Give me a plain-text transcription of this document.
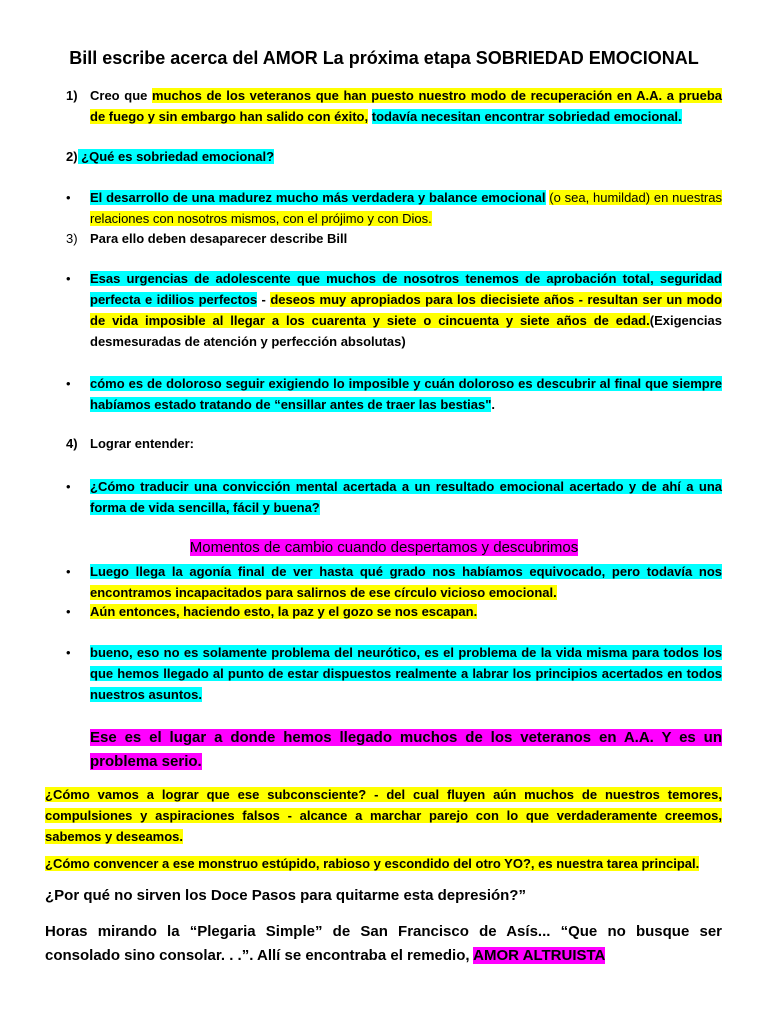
Bill escribe acerca del AMOR La próxima etapa SOBRIEDAD EMOCIONAL
1) Creo que muchos de los veteranos que han puesto nuestro modo de recuperación en A.A. a prueba de fuego y sin embargo han salido con éxito, todavía necesitan encontrar sobriedad emocional.
2) ¿Qué es sobriedad emocional?
• El desarrollo de una madurez mucho más verdadera y balance emocional (o sea, humildad) en nuestras relaciones con nosotros mismos, con el prójimo y con Dios.
3) Para ello deben desaparecer describe Bill
• Esas urgencias de adolescente que muchos de nosotros tenemos de aprobación total, seguridad perfecta e idilios perfectos - deseos muy apropiados para los diecisiete años - resultan ser un modo de vida imposible al llegar a los cuarenta y siete o cincuenta y siete años de edad.(Exigencias desmesuradas de atención y perfección absolutas)
• cómo es de doloroso seguir exigiendo lo imposible y cuán doloroso es descubrir al final que siempre habíamos estado tratando de “ensillar antes de traer las bestias".
4) Lograr entender:
• ¿Cómo traducir una convicción mental acertada a un resultado emocional acertado y de ahí a una forma de vida sencilla, fácil y buena?
Momentos de cambio cuando despertamos y descubrimos
• Luego llega la agonía final de ver hasta qué grado nos habíamos equivocado, pero todavía nos encontramos incapacitados para salirnos de ese círculo vicioso emocional.
• Aún entonces, haciendo esto, la paz y el gozo se nos escapan.
• bueno, eso no es solamente problema del neurótico, es el problema de la vida misma para todos los que hemos llegado al punto de estar dispuestos realmente a labrar los principios acertados en todos nuestros asuntos.
Ese es el lugar a donde hemos llegado muchos de los veteranos en A.A. Y es un problema serio.
¿Cómo vamos a lograr que ese subconsciente? - del cual fluyen aún muchos de nuestros temores, compulsiones y aspiraciones falsos - alcance a marchar parejo con lo que verdaderamente creemos, sabemos y deseamos.
¿Cómo convencer a ese monstruo estúpido, rabioso y escondido del otro YO?, es nuestra tarea principal.
¿Por qué no sirven los Doce Pasos para quitarme esta depresión?”
Horas mirando la “Plegaria Simple” de San Francisco de Asís... “Que no busque ser consolado sino consolar. . .”. Allí se encontraba el remedio, AMOR ALTRUISTA
